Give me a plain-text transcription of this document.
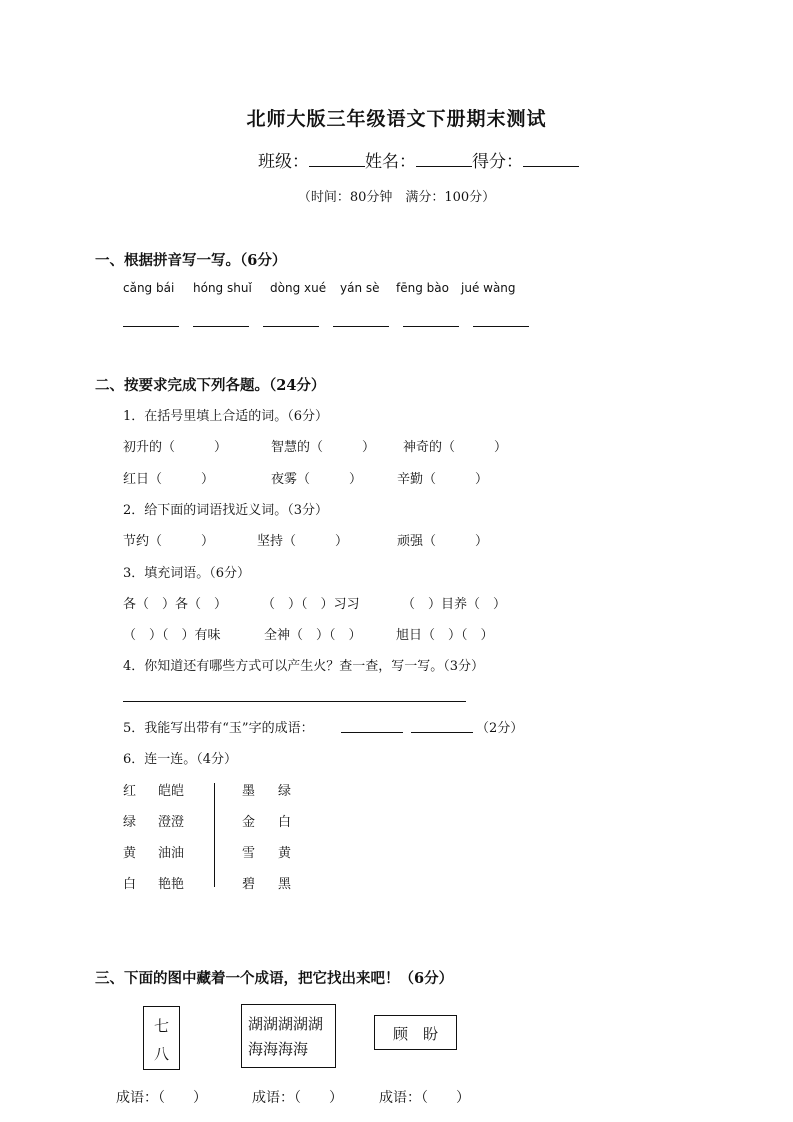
北师大版三年级语文下册期末测试
班级：	姓名：	得分：
（时间：80分钟　满分：100分）
一、根据拼音写一写。（6分）
cǎng bái hóng shuǐ dòng xué yán sè fēng bào jué wàng
二、按要求完成下列各题。（24分）
1．在括号里填上合适的词。（6分）
初升的（　　　）	智慧的（　　　） 神奇的（　　　）
红日（　　　）	夜雾（　　　）	辛勤（　　　）
2．给下面的词语找近义词。（3分）
节约（　　　）	坚持（　　　）	顽强（　　　）
3．填充词语。（6分）
各（　）各（　）	（　）（　）习习	（　）目养（　）
（　）（　）有味	全神（　）（　）	旭日（　）（　）
4．你知道还有哪些方式可以产生火？查一查，写一写。（3分）
5．我能写出带有“玉”字的成语：	（2分）
6．连一连。（4分）
红 皑皑	墨 绿
绿 澄澄	金 白
黄 油油	雪 黄
白 艳艳	碧 黑
三、下面的图中藏着一个成语，把它找出来吧！（6分）
七
八
湖湖湖湖湖
海海海海
顾　盼
成语：（　　）	成语：（　　）	成语：（　　）
